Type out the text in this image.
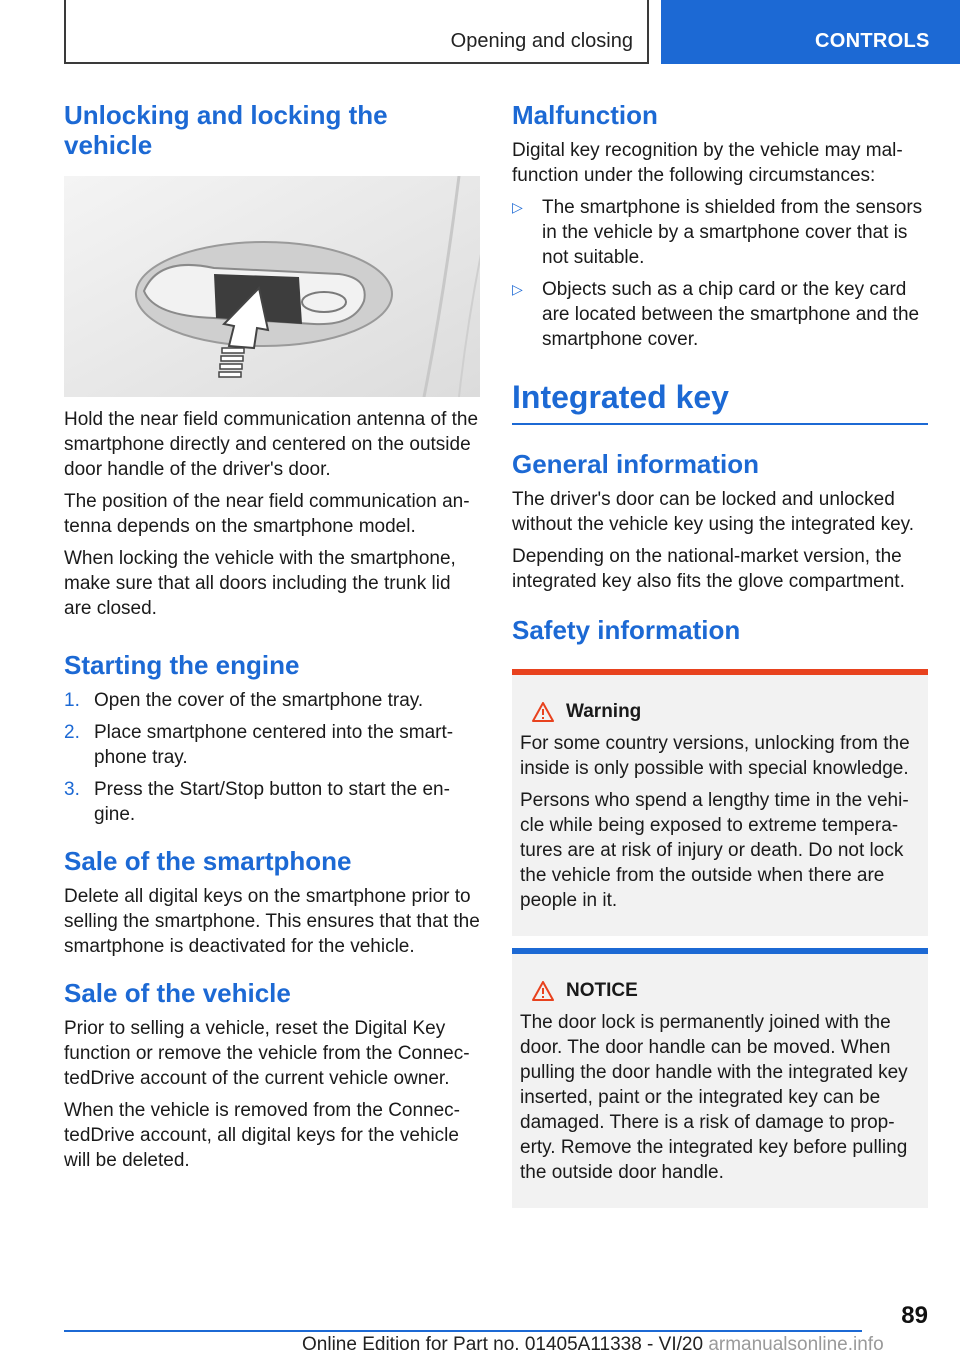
Opening and closing	CONTROLS
Unlocking and locking the vehicle

Hold the near field communication antenna of the smartphone directly and centered on the outside door handle of the driver's door.

The position of the near field communication an-tenna depends on the smartphone model.

When locking the vehicle with the smartphone, make sure that all doors including the trunk lid are closed.

Starting the engine
1. Open the cover of the smartphone tray.
2. Place smartphone centered into the smart-phone tray.
3. Press the Start/Stop button to start the en-gine.
Sale of the smartphone

Delete all digital keys on the smartphone prior to selling the smartphone. This ensures that that the smartphone is deactivated for the vehicle.

Sale of the vehicle

Prior to selling a vehicle, reset the Digital Key function or remove the vehicle from the Connec-tedDrive account of the current vehicle owner.

When the vehicle is removed from the Connec-tedDrive account, all digital keys for the vehicle will be deleted.

Malfunction

Digital key recognition by the vehicle may mal-function under the following circumstances:

▷ The smartphone is shielded from the sensors in the vehicle by a smartphone cover that is not suitable.
▷ Objects such as a chip card or the key card are located between the smartphone and the smartphone cover.
Integrated key
General information

The driver's door can be locked and unlocked without the vehicle key using the integrated key.

Depending on the national-market version, the integrated key also fits the glove compartment.

Safety information
Warning

For some country versions, unlocking from the inside is only possible with special knowledge.

Persons who spend a lengthy time in the vehi-cle while being exposed to extreme tempera-tures are at risk of injury or death. Do not lock the vehicle from the outside when there are people in it.

NOTICE

The door lock is permanently joined with the door. The door handle can be moved. When pulling the door handle with the integrated key inserted, paint or the integrated key can be damaged. There is a risk of damage to prop-erty. Remove the integrated key before pulling the outside door handle.

89
Online Edition for Part no. 01405A11338 - VI/20 armanualsonline.info
